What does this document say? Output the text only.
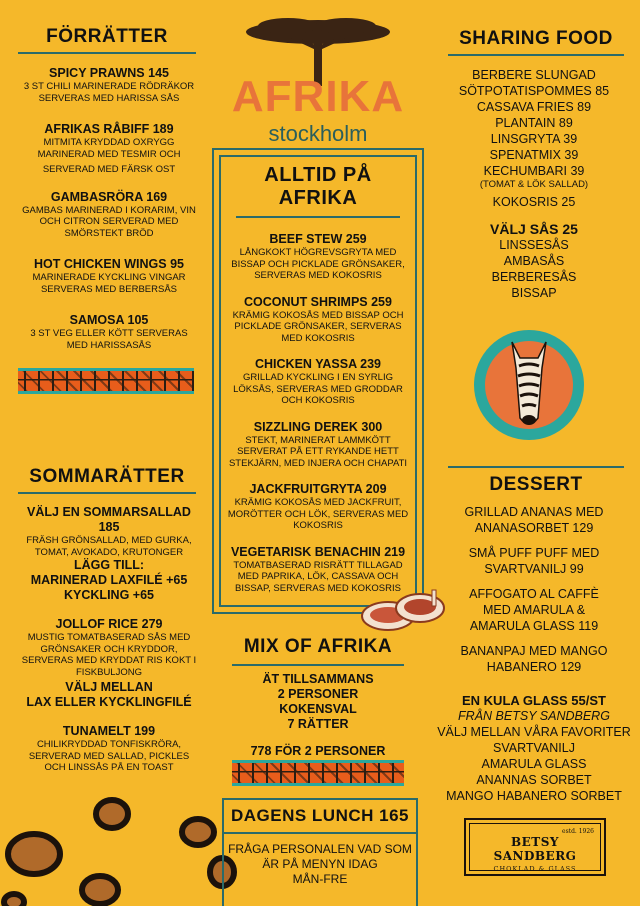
FÖRRÄTTER
SPICY PRAWNS 145
3 ST CHILI MARINERADE RÖDRÄKOR
SERVERAS MED HARISSA SÅS
AFRIKAS RÅBIFF 189
MITMITA KRYDDAD OXRYGG
MARINERAD MED TESMIR OCH
SERVERAD MED FÄRSK OST
GAMBASRÖRA 169
GAMBAS MARINERAD I KORARIM, VIN
OCH CITRON SERVERAD MED
SMÖRSTEKT BRÖD
HOT CHICKEN WINGS 95
MARINERADE KYCKLING VINGAR
SERVERAS MED BERBERSÅS
SAMOSA 105
3 ST VEG ELLER KÖTT SERVERAS
MED HARISSASÅS
SOMMARÄTTER
VÄLJ EN SOMMARSALLAD
185
FRÄSH GRÖNSALLAD, MED GURKA,
TOMAT, AVOKADO, KRUTONGER
LÄGG TILL:
MARINERAD LAXFILÉ +65
KYCKLING +65
JOLLOF RICE 279
MUSTIG TOMATBASERAD SÅS MED
GRÖNSAKER OCH KRYDDOR,
SERVERAS MED KRYDDAT RIS KOKT I
FISKBULJONG
VÄLJ MELLAN
LAX ELLER KYCKLINGFILÉ
TUNAMELT 199
CHILIKRYDDAD TONFISKRÖRA,
SERVERAD MED SALLAD, PICKLES
OCH LINSSÅS PÅ EN TOAST
AFRIKA
stockholm
ALLTID PÅ
AFRIKA
BEEF STEW 259
LÅNGKOKT HÖGREVSGRYTA MED
BISSAP OCH PICKLADE GRÖNSAKER,
SERVERAS MED KOKOSRIS
COCONUT SHRIMPS 259
KRÄMIG KOKOSÅS MED BISSAP OCH
PICKLADE GRÖNSAKER, SERVERAS
MED KOKOSRIS
CHICKEN YASSA 239
GRILLAD KYCKLING I EN SYRLIG
LÖKSÅS, SERVERAS MED GRODDAR
OCH KOKOSRIS
SIZZLING DEREK 300
STEKT, MARINERAT LAMMKÖTT
SERVERAT PÅ ETT RYKANDE HETT
STEKJÄRN, MED INJERA OCH CHAPATI
JACKFRUITGRYTA 209
KRÄMIG KOKOSÅS MED JACKFRUIT,
MORÖTTER OCH LÖK, SERVERAS MED
KOKOSRIS
VEGETARISK BENACHIN 219
TOMATBASERAD RISRÄTT TILLAGAD
MED PAPRIKA, LÖK, CASSAVA OCH
BISSAP, SERVERAS MED KOKOSRIS
MIX OF AFRIKA
ÄT TILLSAMMANS
2 PERSONER
KOKENSVAL
7 RÄTTER
778 FÖR 2 PERSONER
DAGENS LUNCH 165
FRÅGA PERSONALEN VAD SOM
ÄR PÅ MENYN IDAG
MÅN-FRE
SHARING FOOD
BERBERE SLUNGAD
SÖTPOTATISPOMMES 85
CASSAVA FRIES 89
PLANTAIN 89
LINSGRYTA 39
SPENATMIX 39
KECHUMBARI 39
(TOMAT & LÖK SALLAD)
KOKOSRIS 25
VÄLJ SÅS 25
LINSSESÅS
AMBASÅS
BERBERESÅS
BISSAP
DESSERT
GRILLAD ANANAS MED
ANANASORBET 129
SMÅ PUFF PUFF MED
SVARTVANILJ 99
AFFOGATO AL CAFFÈ
MED AMARULA &
AMARULA GLASS 119
BANANPAJ MED MANGO
HABANERO 129
EN KULA GLASS 55/ST
FRÅN BETSY SANDBERG
VÄLJ MELLAN VÅRA FAVORITER
SVARTVANILJ
AMARULA GLASS
ANANNAS SORBET
MANGO HABANERO SORBET
estd. 1926
BETSY SANDBERG
CHOKLAD & GLASS
